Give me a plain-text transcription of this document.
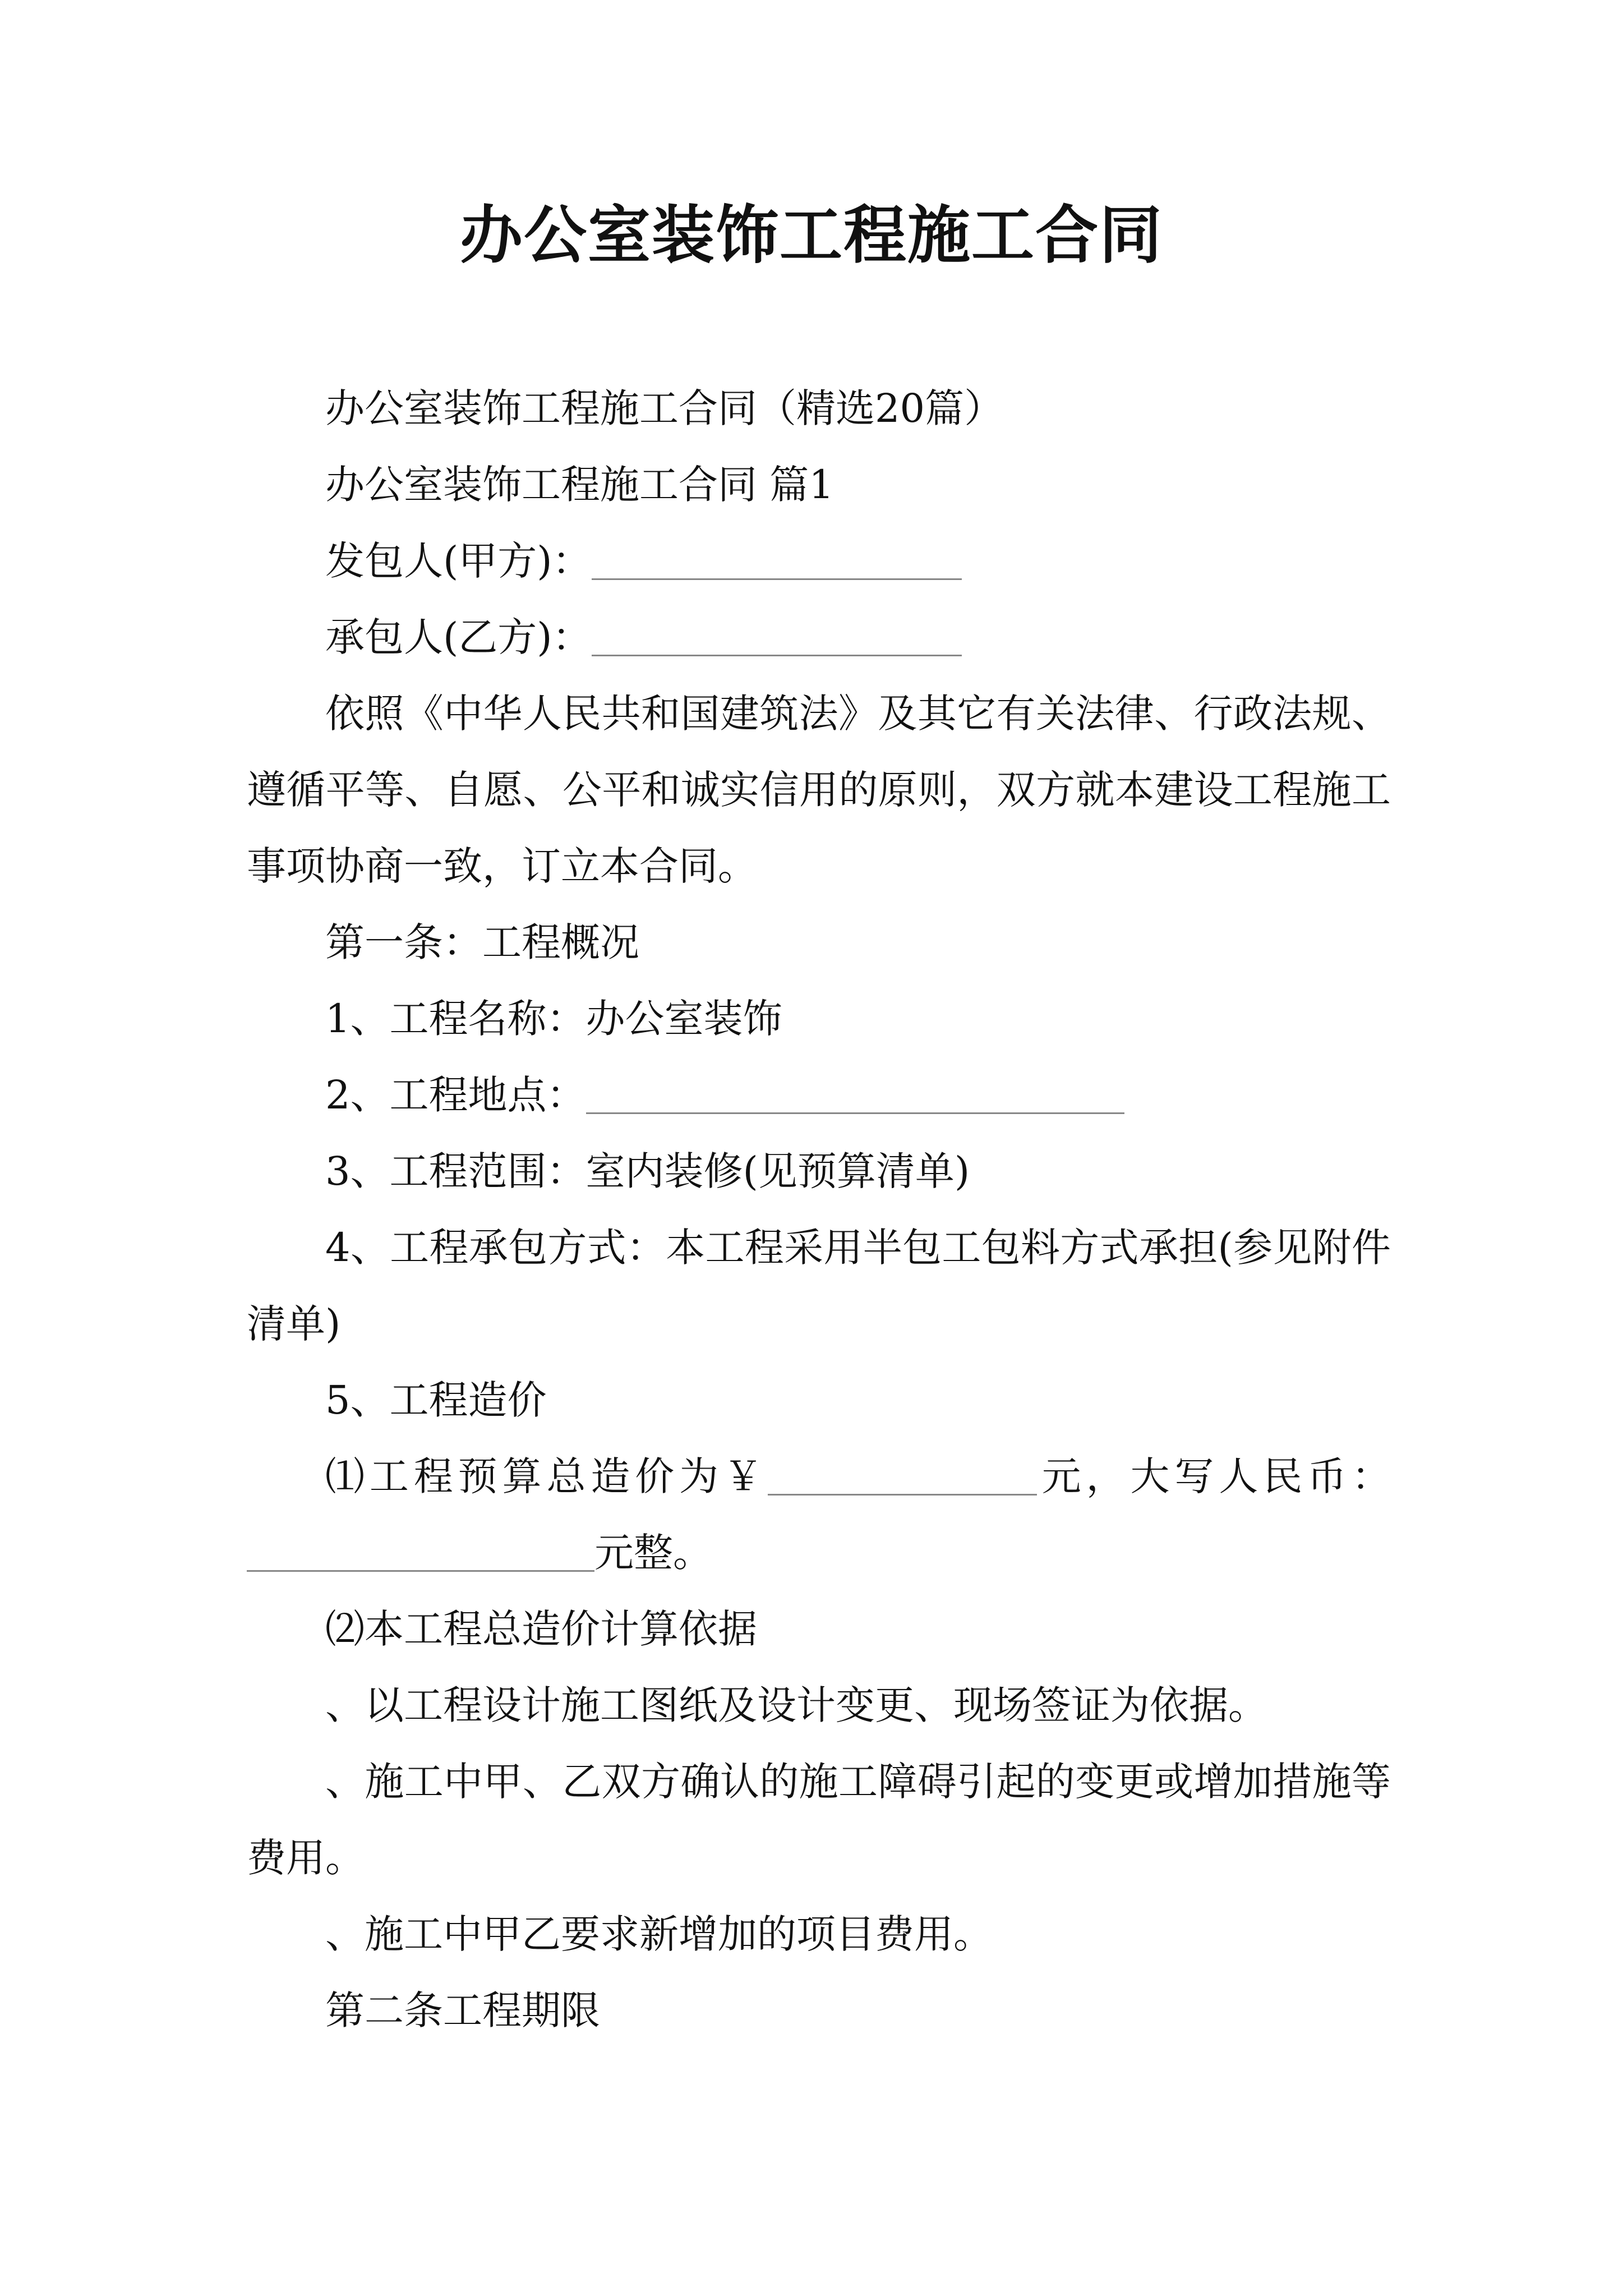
办公室装饰工程施工合同

办公室装饰工程施工合同（精选20篇）

办公室装饰工程施工合同 篇1

发包人(甲方)：

承包人(乙方)：

依照《中华人民共和国建筑法》及其它有关法律、行政法规、遵循平等、自愿、公平和诚实信用的原则，双方就本建设工程施工事项协商一致，订立本合同。

第一条：工程概况

1、工程名称：办公室装饰

2、工程地点：

3、工程范围：室内装修(见预算清单)

4、工程承包方式：本工程采用半包工包料方式承担(参见附件清单)

5、工程造价

⑴工程预算总造价为￥	元，大写人民币： 元整。

⑵本工程总造价计算依据

、以工程设计施工图纸及设计变更、现场签证为依据。

、施工中甲、乙双方确认的施工障碍引起的变更或增加措施等费用。

、施工中甲乙要求新增加的项目费用。

第二条工程期限
